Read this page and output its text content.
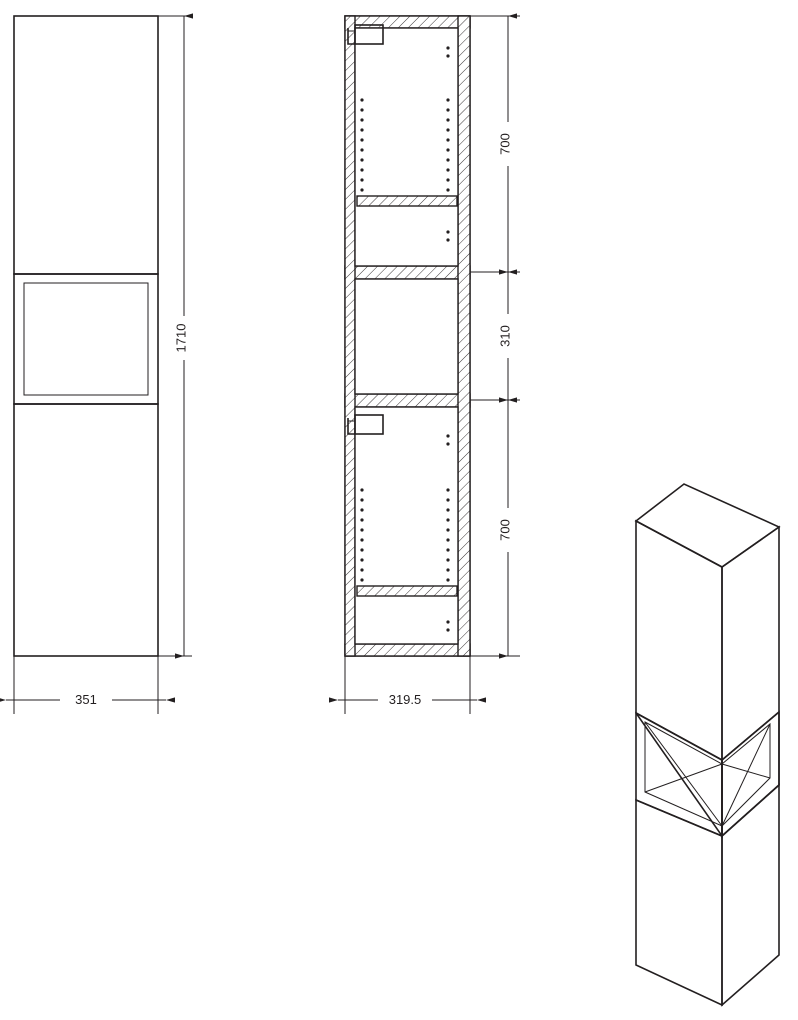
1710
351
700
310
700
319.5
